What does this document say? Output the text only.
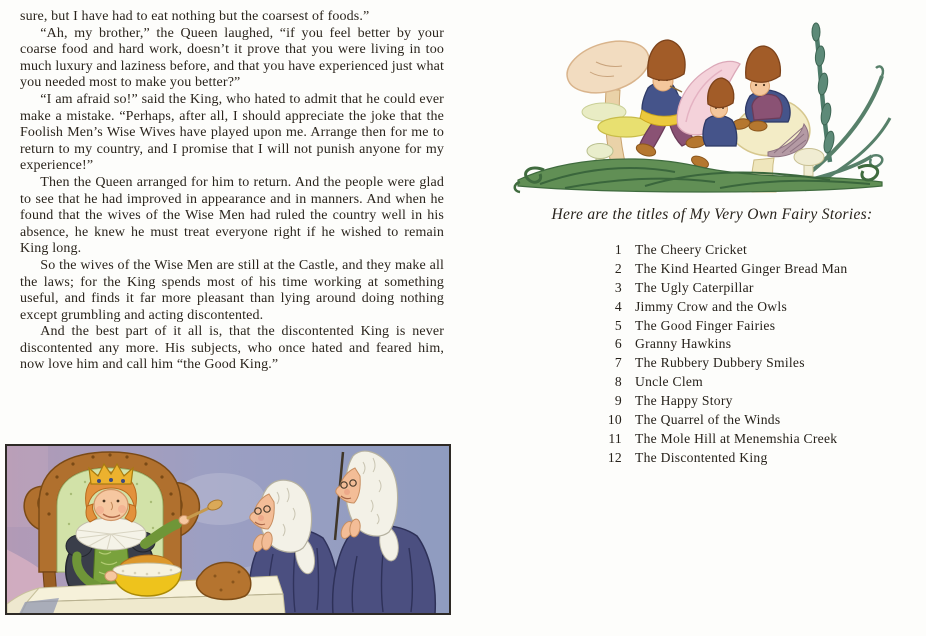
sure, but I have had to eat nothing but the coarsest of foods.”

“Ah, my brother,” the Queen laughed, “if you feel better by your coarse food and hard work, doesn’t it prove that you were living in too much luxury and laziness before, and that you have experienced just what you needed most to make you better?”

“I am afraid so!” said the King, who hated to admit that he could ever make a mistake. “Perhaps, after all, I should appreciate the joke that the Foolish Men’s Wise Wives have played upon me. Arrange then for me to return to my country, and I promise that I will not punish anyone for my experience!”

Then the Queen arranged for him to return. And the people were glad to see that he had improved in appearance and in manners. And when he found that the wives of the Wise Men had ruled the country well in his absence, he knew he must treat everyone right if he wished to remain King long.

So the wives of the Wise Men are still at the Castle, and they make all the laws; for the King spends most of his time working at something useful, and finds it far more pleasant than lying around doing nothing except grumbling and acting discontented.

And the best part of it all is, that the discontented King is never discontented any more. His subjects, who once hated and feared him, now love him and call him “the Good King.”

Here are the titles of My Very Own Fairy Stories:
1 The Cheery Cricket
2 The Kind Hearted Ginger Bread Man
3 The Ugly Caterpillar
4 Jimmy Crow and the Owls
5 The Good Finger Fairies
6 Granny Hawkins
7 The Rubbery Dubbery Smiles
8 Uncle Clem
9 The Happy Story
10 The Quarrel of the Winds
11 The Mole Hill at Menemshia Creek
12 The Discontented King
